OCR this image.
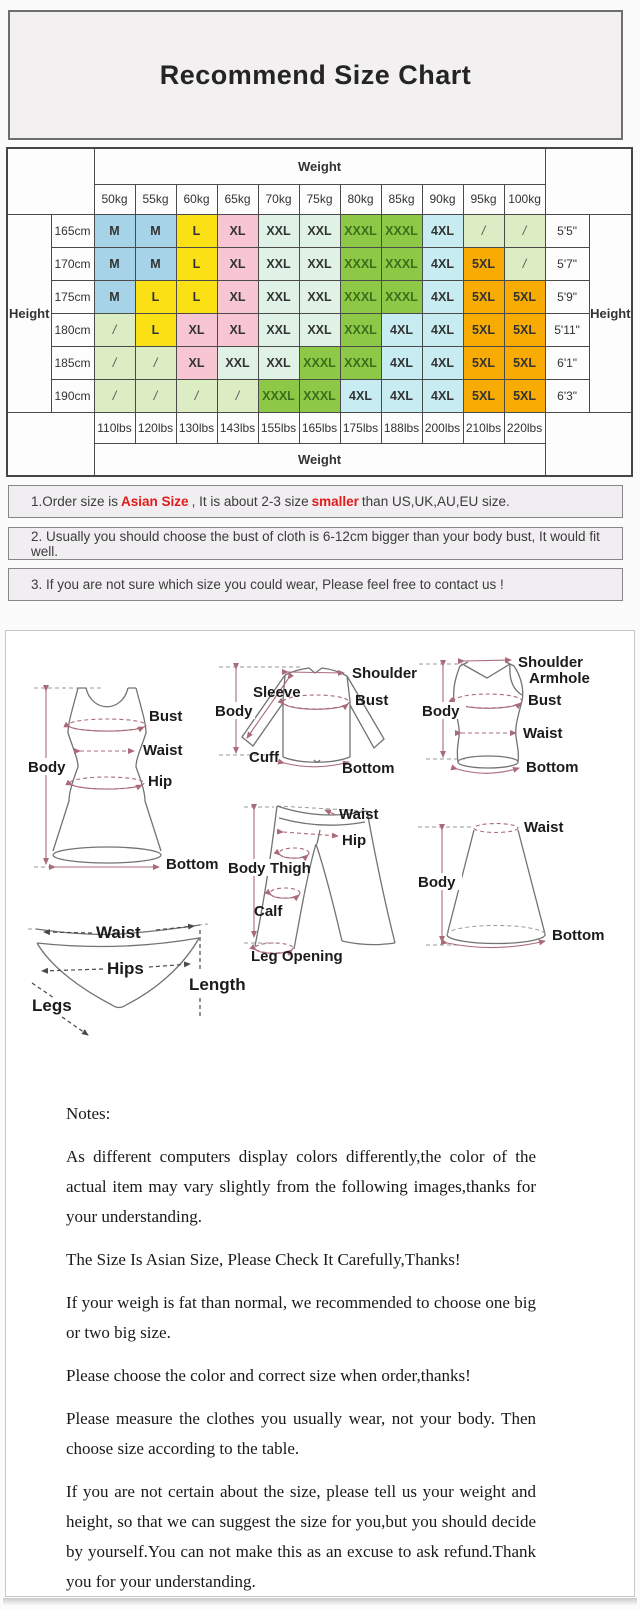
Recommend Size Chart
		Weight												
		50kg	55kg	60kg	65kg	70kg	75kg	80kg	85kg	90kg	95kg	100kg		
Height	165cm	M	M	L	XL	XXL	XXL	XXXL	XXXL	4XL	/	/	5'5"	Height
	170cm	M	M	L	XL	XXL	XXL	XXXL	XXXL	4XL	5XL	/	5'7"	
	175cm	M	L	L	XL	XXL	XXL	XXXL	XXXL	4XL	5XL	5XL	5'9"	
	180cm	/	L	XL	XL	XXL	XXL	XXXL	4XL	4XL	5XL	5XL	5'11"	
	185cm	/	/	XL	XXL	XXL	XXXL	XXXL	4XL	4XL	5XL	5XL	6'1"	
	190cm	/	/	/	/	XXXL	XXXL	4XL	4XL	4XL	5XL	5XL	6'3"	
		110lbs	120lbs	130lbs	143lbs	155lbs	165lbs	175lbs	188lbs	200lbs	210lbs	220lbs		
		Weight												
1.Order size is Asian Size , It is about 2-3 size smaller than US,UK,AU,EU size.
2. Usually you should choose the bust of cloth is 6-12cm bigger than your body bust, It would fit well.
3. If you are not sure which size you could wear, Please feel free to contact us !
Bust
Waist
Body
Hip
Bottom
Shoulder
Sleeve	Bust
Body
Cuff
Bottom
Shoulder
Armhole
Bust
Body
Waist
Bottom
Waist
Hip
Body Thigh
Calf
Leg Opening
Waist
Body
Bottom
Waist
Hips
Legs
Length

Notes:

As different computers display colors differently,the color of the actual item may vary slightly from the following images,thanks for your understanding.

The Size Is Asian Size, Please Check It Carefully,Thanks!

If your weigh is fat than normal, we recommended to choose one big or two big size.

Please choose the color and correct size when order,thanks!

Please measure the clothes you usually wear, not your body. Then choose size according to the table.

If you are not certain about the size, please tell us your weight and height, so that we can suggest the size for you,but you should decide by yourself.You can not make this as an excuse to ask refund.Thank you for your understanding.
